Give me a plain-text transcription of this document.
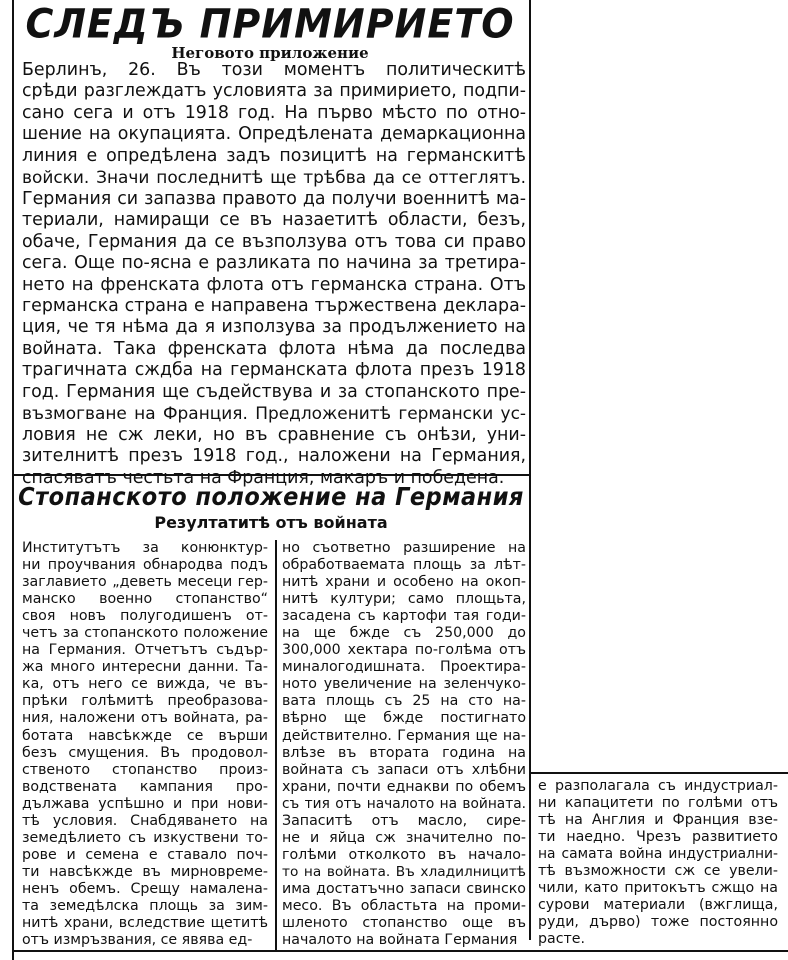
СЛЕДЪ ПРИМИРИЕТО
Неговото приложение
Берлинъ, 26. Въ този моментъ политическитѣ
срѣди разглеждатъ условията за примирието, подпи-
сано сега и отъ 1918 год. На първо мѣсто по отно-
шение на окупацията. Опредѣлената демаркационна
линия е опредѣлена задъ позицитѣ на германскитѣ
войски. Значи последнитѣ ще трѣбва да се оттеглятъ.
Германия си запазва правото да получи военнитѣ ма-
териали, намиращи се въ назаетитѣ области, безъ,
обаче, Германия да се възползува отъ това си право
сега. Още по-ясна е разликата по начина за третира-
нето на френската флота отъ германска страна. Отъ
германска страна е направена тържествена деклара-
ция, че тя нѣма да я използува за продължението на
войната. Така френската флота нѣма да последва
трагичната сждба на германската флота презъ 1918
год. Германия ще съдействува и за стопанското пре-
възмогване на Франция. Предложенитѣ германски ус-
ловия не сж леки, но въ сравнение съ онѣзи, уни-
зителнитѣ презъ 1918 год., наложени на Германия,
спасяватъ честьта на Франция, макаръ и победена.
Стопанското положение на Германия
Резултатитѣ отъ войната
Институтътъ за конюнктур-
ни проучвания обнародва подъ
заглавието „деветь месеци гер-
манско военно стопанство“
своя новъ полугодишенъ от-
четъ за стопанското положение
на Германия. Отчетътъ съдър-
жа много интересни данни. Та-
ка, отъ него се вижда, че въ-
прѣки голѣмитѣ преобразова-
ния, наложени отъ войната, ра-
ботата навсѣкжде се върши
безъ смущения. Въ продовол-
ственото стопанство произ-
водствената кампания про-
дължава успѣшно и при нови-
тѣ условия. Снабдяването на
земедѣлието съ изкуствени то-
рове и семена е ставало поч-
ти навсѣкжде въ мирновреме-
ненъ обемъ. Срещу намалена-
та земедѣлска площь за зим-
нитѣ храни, вследствие щетитѣ
отъ измръзвания, се явява ед-
но съответно разширение на
обработваемата площь за лѣт-
нитѣ храни и особено на окоп-
нитѣ култури; само площьта,
засадена съ картофи тая годи-
на ще бжде съ 250,000 до
300,000 хектара по-голѣма отъ
миналогодишната. Проектира-
ното увеличение на зеленчуко-
вата площь съ 25 на сто на-
вѣрно ще бжде постигнато
действително. Германия ще на-
влѣзе въ втората година на
войната съ запаси отъ хлѣбни
храни, почти еднакви по обемъ
съ тия отъ началото на войната.
Запаситѣ отъ масло, сире-
не и яйца сж значително по-
голѣми отколкото въ начало-
то на войната. Въ хладилницитѣ
има достатъчно запаси свинско
месо. Въ областьта на проми-
шленото стопанство още въ
началото на войната Германия
е разполагала съ индустриал-
ни капацитети по голѣми отъ
тѣ на Англия и Франция взе-
ти наедно. Чрезъ развитието
на самата война индустриални-
тѣ възможности сж се увели-
чили, като притокътъ сжщо на
сурови материали (вжглища,
руди, дърво) тоже постоянно
расте.
